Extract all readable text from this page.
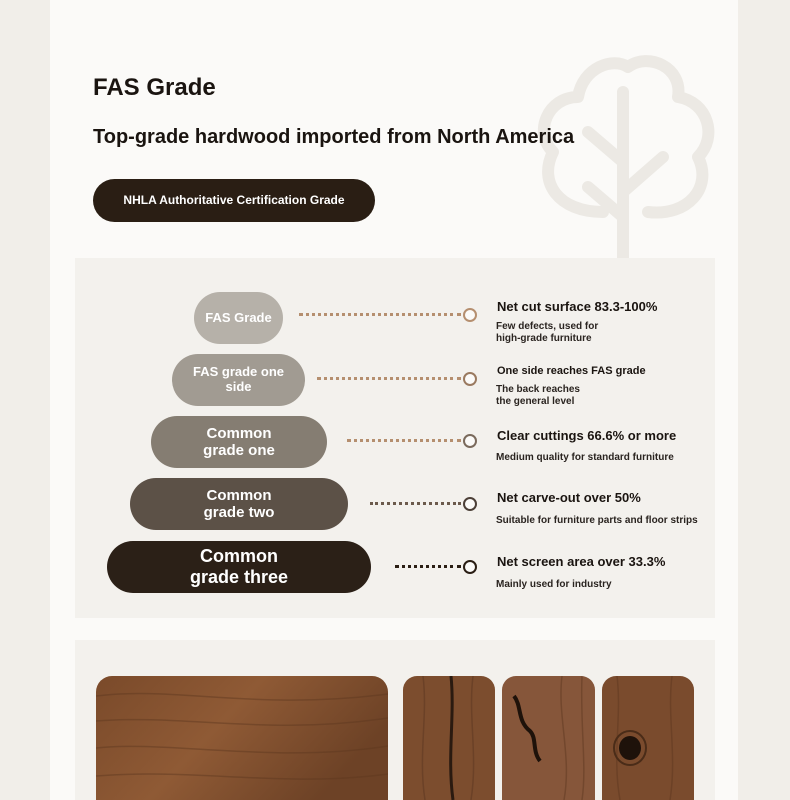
FAS Grade
Top-grade hardwood imported from North America
NHLA Authoritative Certification Grade
FAS Grade
Net cut surface 83.3-100%
Few defects, used for
high-grade furniture
FAS grade one side
One side reaches FAS grade
The back reaches
the general level
Common grade one
Clear cuttings 66.6% or more
Medium quality for standard furniture
Common grade two
Net carve-out over 50%
Suitable for furniture parts and floor strips
Common grade three
Net screen area over 33.3%
Mainly used for industry
